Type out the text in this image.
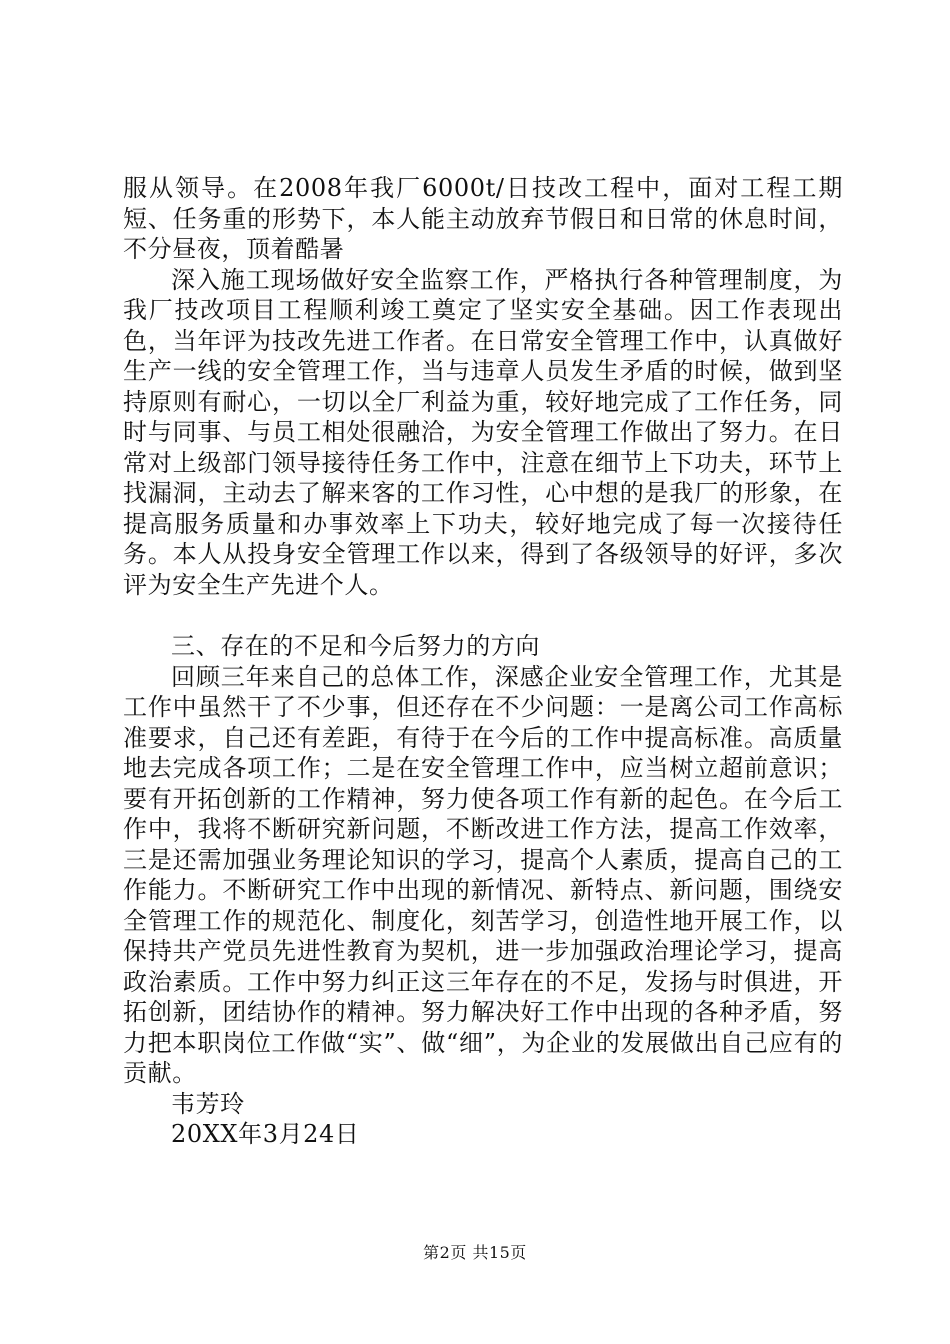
服从领导。在2008年我厂6000t/日技改工程中，面对工程工期短、任务重的形势下，本人能主动放弃节假日和日常的休息时间，不分昼夜，顶着酷暑

深入施工现场做好安全监察工作，严格执行各种管理制度，为我厂技改项目工程顺利竣工奠定了坚实安全基础。因工作表现出色，当年评为技改先进工作者。在日常安全管理工作中，认真做好生产一线的安全管理工作，当与违章人员发生矛盾的时候，做到坚持原则有耐心，一切以全厂利益为重，较好地完成了工作任务，同时与同事、与员工相处很融洽，为安全管理工作做出了努力。在日常对上级部门领导接待任务工作中，注意在细节上下功夫，环节上找漏洞，主动去了解来客的工作习性，心中想的是我厂的形象，在提高服务质量和办事效率上下功夫，较好地完成了每一次接待任务。本人从投身安全管理工作以来，得到了各级领导的好评，多次评为安全生产先进个人。

三、存在的不足和今后努力的方向

回顾三年来自己的总体工作，深感企业安全管理工作，尤其是工作中虽然干了不少事，但还存在不少问题：一是离公司工作高标准要求，自己还有差距，有待于在今后的工作中提高标准。高质量地去完成各项工作；二是在安全管理工作中，应当树立超前意识；要有开拓创新的工作精神，努力使各项工作有新的起色。在今后工作中，我将不断研究新问题，不断改进工作方法，提高工作效率，三是还需加强业务理论知识的学习，提高个人素质，提高自己的工作能力。不断研究工作中出现的新情况、新特点、新问题，围绕安全管理工作的规范化、制度化，刻苦学习，创造性地开展工作，以保持共产党员先进性教育为契机，进一步加强政治理论学习，提高政治素质。工作中努力纠正这三年存在的不足，发扬与时俱进，开拓创新，团结协作的精神。努力解决好工作中出现的各种矛盾，努力把本职岗位工作做“实”、做“细”，为企业的发展做出自己应有的贡献。

韦芳玲

20XX年3月24日

第2页 共15页
